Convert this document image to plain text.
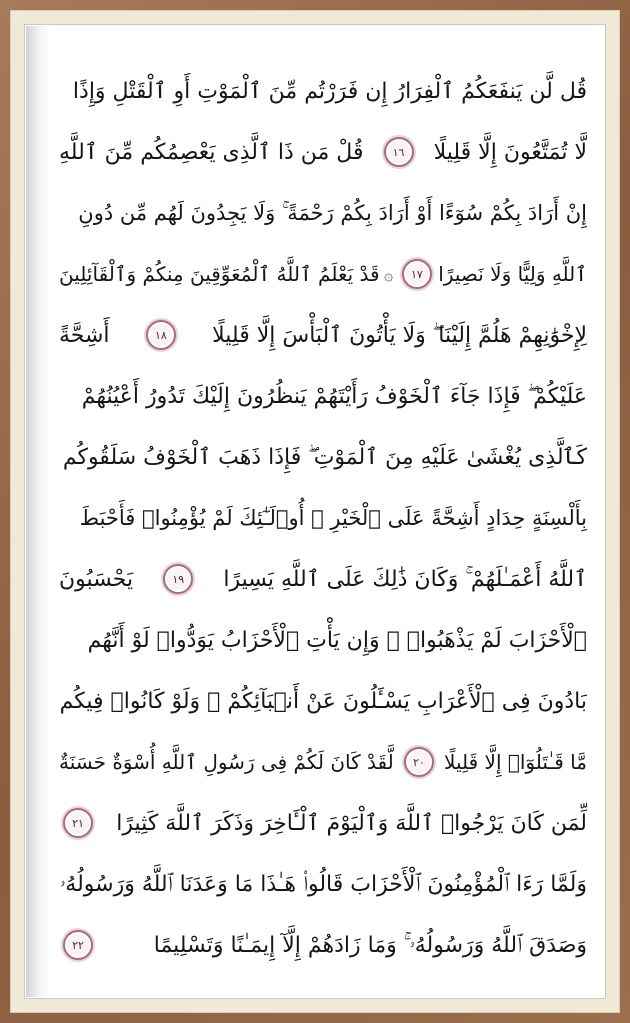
قُل لَّن يَنفَعَكُمُ ٱلْفِرَارُ إِن فَرَرْتُم مِّنَ ٱلْمَوْتِ أَوِ ٱلْقَتْلِ وَإِذًا
لَّا تُمَتَّعُونَ إِلَّا قَلِيلًا
١٦
قُلْ مَن ذَا ٱلَّذِى يَعْصِمُكُم مِّنَ ٱللَّهِ
إِنْ أَرَادَ بِكُمْ سُوٓءًا أَوْ أَرَادَ بِكُمْ رَحْمَةً ۚ وَلَا يَجِدُونَ لَهُم مِّن دُونِ
ٱللَّهِ وَلِيًّا وَلَا نَصِيرًا
١٧
۞
قَدْ يَعْلَمُ ٱللَّهُ ٱلْمُعَوِّقِينَ مِنكُمْ وَٱلْقَآئِلِينَ
لِإِخْوَٰنِهِمْ هَلُمَّ إِلَيْنَا ۖ وَلَا يَأْتُونَ ٱلْبَأْسَ إِلَّا قَلِيلًا
١٨
أَشِحَّةً
عَلَيْكُمْ ۖ فَإِذَا جَآءَ ٱلْخَوْفُ رَأَيْتَهُمْ يَنظُرُونَ إِلَيْكَ تَدُورُ أَعْيُنُهُمْ
كَٱلَّذِى يُغْشَىٰ عَلَيْهِ مِنَ ٱلْمَوْتِ ۖ فَإِذَا ذَهَبَ ٱلْخَوْفُ سَلَقُوكُم
بِأَلْسِنَةٍ حِدَادٍ أَشِحَّةً عَلَى ٱلْخَيْرِ ۚ أُو۟لَـٰٓئِكَ لَمْ يُؤْمِنُوا۟ فَأَحْبَطَ
ٱللَّهُ أَعْمَـٰلَهُمْ ۚ وَكَانَ ذَٰلِكَ عَلَى ٱللَّهِ يَسِيرًا
١٩
يَحْسَبُونَ
ٱلْأَحْزَابَ لَمْ يَذْهَبُوا۟ ۖ وَإِن يَأْتِ ٱلْأَحْزَابُ يَوَدُّوا۟ لَوْ أَنَّهُم
بَادُونَ فِى ٱلْأَعْرَابِ يَسْـَٔلُونَ عَنْ أَنۢبَآئِكُمْ ۖ وَلَوْ كَانُوا۟ فِيكُم
مَّا قَـٰتَلُوٓا۟ إِلَّا قَلِيلًا
٢٠
لَّقَدْ كَانَ لَكُمْ فِى رَسُولِ ٱللَّهِ أُسْوَةٌ حَسَنَةٌ
لِّمَن كَانَ يَرْجُوا۟ ٱللَّهَ وَٱلْيَوْمَ ٱلْـَٔاخِرَ وَذَكَرَ ٱللَّهَ كَثِيرًا
٢١
وَلَمَّا رَءَا ٱلْمُؤْمِنُونَ ٱلْأَحْزَابَ قَالُوا۟ هَـٰذَا مَا وَعَدَنَا ٱللَّهُ وَرَسُولُهُۥ
وَصَدَقَ ٱللَّهُ وَرَسُولُهُۥ ۚ وَمَا زَادَهُمْ إِلَّآ إِيمَـٰنًا وَتَسْلِيمًا
٢٢
